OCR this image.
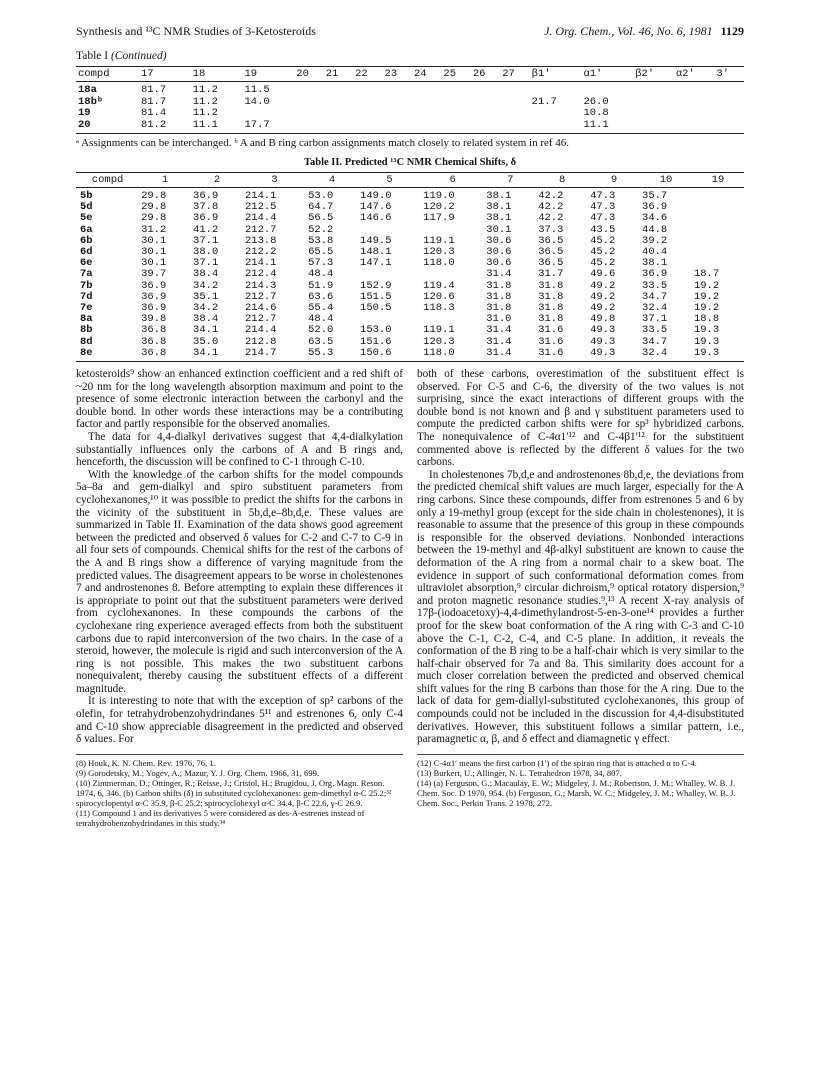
Synthesis and ¹³C NMR Studies of 3-Ketosteroids	J. Org. Chem., Vol. 46, No. 6, 1981 1129
Table I (Continued)
compd	17	18	19	20	21	22	23	24	25	26	27	β1′	α1′	β2′	α2′	3′
18a	81.7	11.2	11.5													
18bᵇ	81.7	11.2	14.0									21.7	26.0			
19	81.4	11.2											10.8			
20	81.2	11.1	17.7										11.1			
ᵃ Assignments can be interchanged. ᵇ A and B ring carbon assignments match closely to related system in ref 46.
Table II. Predicted ¹³C NMR Chemical Shifts, δ
compd	1	2	3	4	5	6	7	8	9	10	19
5b	29.8	36.9	214.1	53.0	149.0	119.0	38.1	42.2	47.3	35.7	
5d	29.8	37.8	212.5	64.7	147.6	120.2	38.1	42.2	47.3	36.9	
5e	29.8	36.9	214.4	56.5	146.6	117.9	38.1	42.2	47.3	34.6	
6a	31.2	41.2	212.7	52.2			30.1	37.3	43.5	44.8	
6b	30.1	37.1	213.8	53.8	149.5	119.1	30.6	36.5	45.2	39.2	
6d	30.1	38.0	212.2	65.5	148.1	120.3	30.6	36.5	45.2	40.4	
6e	30.1	37.1	214.1	57.3	147.1	118.0	30.6	36.5	45.2	38.1	
7a	39.7	38.4	212.4	48.4			31.4	31.7	49.6	36.9	18.7
7b	36.9	34.2	214.3	51.9	152.9	119.4	31.8	31.8	49.2	33.5	19.2
7d	36.9	35.1	212.7	63.6	151.5	120.6	31.8	31.8	49.2	34.7	19.2
7e	36.9	34.2	214.6	55.4	150.5	118.3	31.8	31.8	49.2	32.4	19.2
8a	39.8	38.4	212.7	48.4			31.0	31.8	49.8	37.1	18.8
8b	36.8	34.1	214.4	52.0	153.0	119.1	31.4	31.6	49.3	33.5	19.3
8d	36.8	35.0	212.8	63.5	151.6	120.3	31.4	31.6	49.3	34.7	19.3
8e	36.8	34.1	214.7	55.3	150.6	118.0	31.4	31.6	49.3	32.4	19.3

ketosteroids⁹ show an enhanced extinction coefficient and a red shift of ~20 nm for the long wavelength absorption maximum and point to the presence of some electronic interaction between the carbonyl and the double bond. In other words these interactions may be a contributing factor and partly responsible for the observed anomalies.

The data for 4,4-dialkyl derivatives suggest that 4,4-dialkylation substantially influences only the carbons of A and B rings and, henceforth, the discussion will be confined to C-1 through C-10.

With the knowledge of the carbon shifts for the model compounds 5a–8a and gem-dialkyl and spiro substituent parameters from cyclohexanones,¹⁰ it was possible to predict the shifts for the carbons in the vicinity of the substituent in 5b,d,e–8b,d,e. These values are summarized in Table II. Examination of the data shows good agreement between the predicted and observed δ values for C-2 and C-7 to C-9 in all four sets of compounds. Chemical shifts for the rest of the carbons of the A and B rings show a difference of varying magnitude from the predicted values. The disagreement appears to be worse in cholestenones 7 and androstenones 8. Before attempting to explain these differences it is appropriate to point out that the substituent parameters were derived from cyclohexanones. In these compounds the carbons of the cyclohexane ring experience averaged effects from both the substituent carbons due to rapid interconversion of the two chairs. In the case of a steroid, however, the molecule is rigid and such interconversion of the A ring is not possible. This makes the two substituent carbons nonequivalent, thereby causing the substituent effects of a different magnitude.

It is interesting to note that with the exception of sp² carbons of the olefin, for tetrahydrobenzohydrindanes 5¹¹ and estrenones 6, only C-4 and C-10 show appreciable disagreement in the predicted and observed δ values. For

both of these carbons, overestimation of the substituent effect is observed. For C-5 and C-6, the diversity of the two values is not surprising, since the exact interactions of different groups with the double bond is not known and β and γ substituent parameters used to compute the predicted carbon shifts were for sp³ hybridized carbons. The nonequivalence of C-4α1′¹² and C-4β1′¹² for the substituent commented above is reflected by the different δ values for the two carbons.

In cholestenones 7b,d,e and androstenones 8b,d,e, the deviations from the predicted chemical shift values are much larger, especially for the A ring carbons. Since these compounds, differ from estrenones 5 and 6 by only a 19-methyl group (except for the side chain in cholestenones), it is reasonable to assume that the presence of this group in these compounds is responsible for the observed deviations. Nonbonded interactions between the 19-methyl and 4β-alkyl substituent are known to cause the deformation of the A ring from a normal chair to a skew boat. The evidence in support of such conformational deformation comes from ultraviolet absorption,⁹ circular dichroism,⁹ optical rotatory dispersion,⁹ and proton magnetic resonance studies.⁹,¹³ A recent X-ray analysis of 17β-(iodoacetoxy)-4,4-dimethylandrost-5-en-3-one¹⁴ provides a further proof for the skew boat conformation of the A ring with C-3 and C-10 above the C-1, C-2, C-4, and C-5 plane. In addition, it reveals the conformation of the B ring to be a half-chair which is very similar to the half-chair observed for 7a and 8a. This similarity does account for a much closer correlation between the predicted and observed chemical shift values for the ring B carbons than those for the A ring. Due to the lack of data for gem-diallyl-substituted cyclohexanones, this group of compounds could not be included in the discussion for 4,4-disubstituted derivatives. However, this substituent follows a similar pattern, i.e., paramagnetic α, β, and δ effect and diamagnetic γ effect.

(8) Houk, K. N. Chem. Rev. 1976, 76, 1.
(9) Gorodetsky, M.; Yogev, A.; Mazur, Y. J. Org. Chem. 1966, 31, 699.
(10) Zimmerman, D.; Ottinger, R.; Reisse, J.; Cristol, H.; Brugidou, J. Org. Magn. Reson. 1974, 6, 346. (b) Carbon shifts (δ) in substituted cyclohexanones: gem-dimethyl α-C 25.2;³² spirocyclopentyl α-C 35.9, β-C 25.2; spirocyclohexyl α-C 34.4, β-C 22.6, γ-C 26.9.
(11) Compound 1 and its derivatives 5 were considered as des-A-estrenes instead of tetrahydrobenzohydrindanes in this study.³⁴
(12) C-4α1′ means the first carbon (1′) of the spiran ring that is attached α to C-4.
(13) Burkert, U.; Allinger, N. L. Tetrahedron 1978, 34, 807.
(14) (a) Ferguson, G.; Macaulay, E. W.; Midgeley, J. M.; Robertson, J. M.; Whalley, W. B. J. Chem. Soc. D 1970, 954. (b) Ferguson, G.; Marsh, W. C.; Midgeley, J. M.; Whalley, W. B. J. Chem. Soc., Perkin Trans. 2 1978, 272.
